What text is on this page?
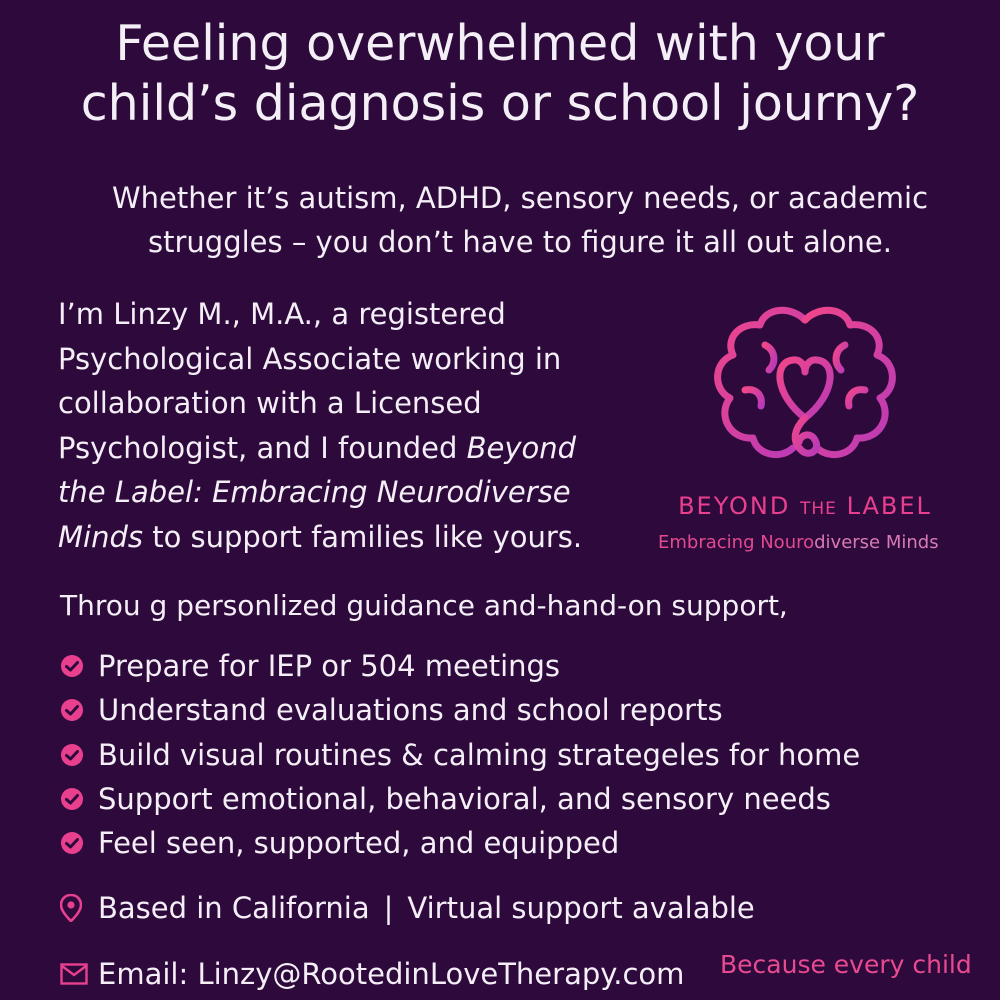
Feeling overwhelmed with your
child’s diagnosis or school journy?
Whether it’s autism, ADHD, sensory needs, or academic
struggles – you don’t have to figure it all out alone.
I’m Linzy M., M.A., a registered
Psychological Associate working in
collaboration with a Licensed
Psychologist, and I founded Beyond
the Label: Embracing Neurodiverse
Minds to support families like yours.
BEYOND THE LABEL
Embracing Nourodiverse Minds
Throu g personlized guidance and-hand-on support,
Prepare for IEP or 504 meetings
Understand evaluations and school reports
Build visual routines & calming strategeles for home
Support emotional, behavioral, and sensory needs
Feel seen, supported, and equipped
Based in California | Virtual support avalable
Email: Linzy@RootedinLoveTherapy.com Because every child
